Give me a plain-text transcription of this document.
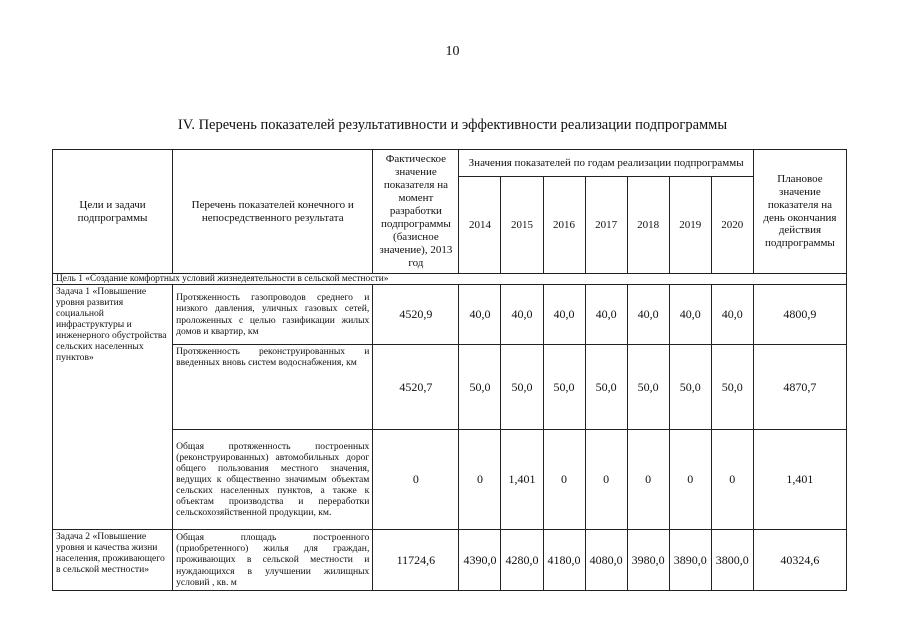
10
IV. Перечень показателей результативности и эффективности реализации подпрограммы
Цели и задачи подпрограммы	Перечень показателей конечного и непосредственного результата	Фактическое значение показателя на момент разработки подпрограммы (базисное значение), 2013 год	Значения показателей по годам реализации подпрограммы							Плановое значение показателя на день окончания действия подпрограммы
			2014	2015	2016	2017	2018	2019	2020	
Цель 1 «Создание комфортных условий жизнедеятельности в сельской местности»										
Задача 1 «Повышение уровня развития социальной инфраструктуры и инженерного обустройства сельских населенных пунктов»	Протяженность газопроводов среднего и низкого давления, уличных газовых сетей, проложенных с целью газификации жилых домов и квартир, км	4520,9	40,0	40,0	40,0	40,0	40,0	40,0	40,0	4800,9
	Протяженность реконструированных и введенных вновь систем водоснабжения, км	4520,7	50,0	50,0	50,0	50,0	50,0	50,0	50,0	4870,7
	Общая протяженность построенных (реконструированных) автомобильных дорог общего пользования местного значения, ведущих к общественно значимым объектам сельских населенных пунктов, а также к объектам производства и переработки сельскохозяйственной продукции, км.	0	0	1,401	0	0	0	0	0	1,401
Задача 2 «Повышение уровня и качества жизни населения, проживающего в сельской местности»	Общая площадь построенного (приобретенного) жилья для граждан, проживающих в сельской местности и нуждающихся в улучшении жилищных условий , кв. м	11724,6	4390,0	4280,0	4180,0	4080,0	3980,0	3890,0	3800,0	40324,6
